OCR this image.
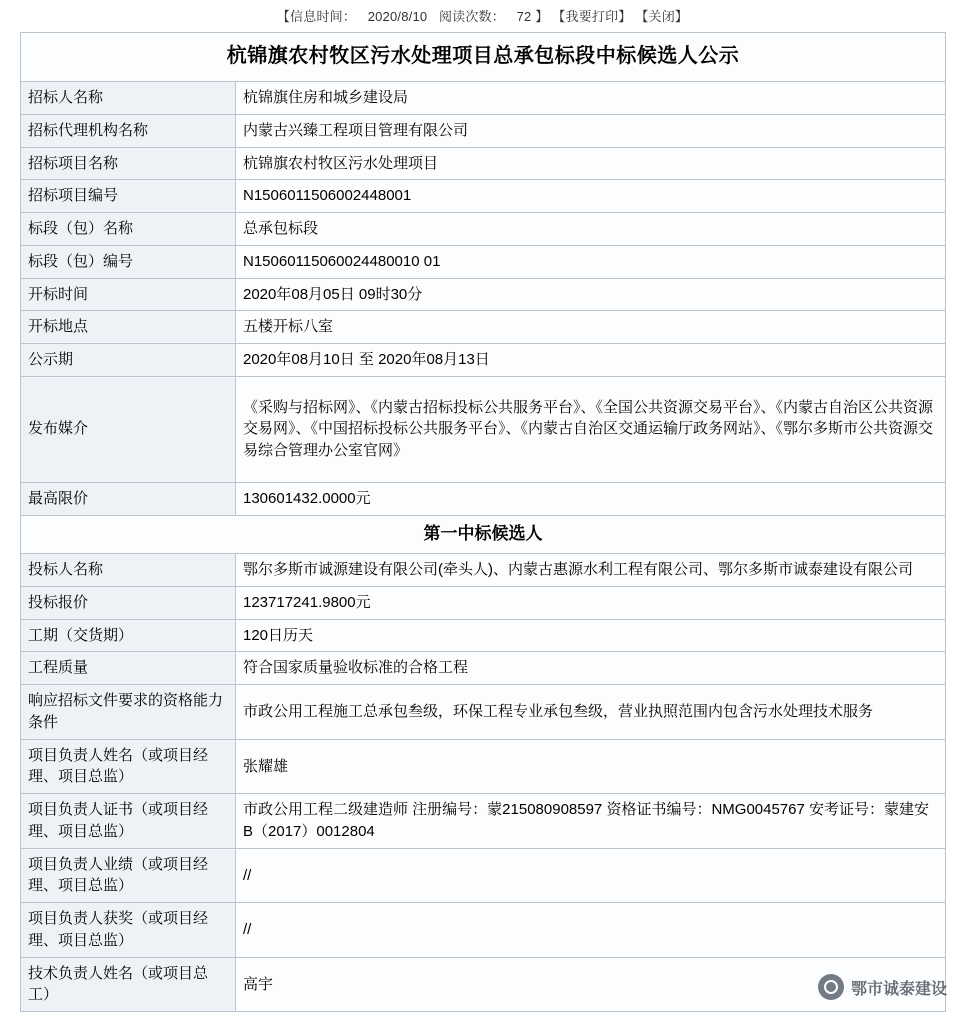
【信息时间： 2020/8/10 阅读次数： 72 】 【我要打印】 【关闭】
杭锦旗农村牧区污水处理项目总承包标段中标候选人公示	
招标人名称	杭锦旗住房和城乡建设局
招标代理机构名称	内蒙古兴臻工程项目管理有限公司
招标项目名称	杭锦旗农村牧区污水处理项目
招标项目编号	N1506011506002448001
标段（包）名称	总承包标段
标段（包）编号	N15060115060024480010 01
开标时间	2020年08月05日 09时30分
开标地点	五楼开标八室
公示期	2020年08月10日 至 2020年08月13日
发布媒介	《采购与招标网》、《内蒙古招标投标公共服务平台》、《全国公共资源交易平台》、《内蒙古自治区公共资源交易网》、《中国招标投标公共服务平台》、《内蒙古自治区交通运输厅政务网站》、《鄂尔多斯市公共资源交易综合管理办公室官网》
最高限价	130601432.0000元
第一中标候选人	
投标人名称	鄂尔多斯市诚源建设有限公司(牵头人)、内蒙古惠源水利工程有限公司、鄂尔多斯市诚泰建设有限公司
投标报价	123717241.9800元
工期（交货期）	120日历天
工程质量	符合国家质量验收标准的合格工程
响应招标文件要求的资格能力条件	市政公用工程施工总承包叁级，环保工程专业承包叁级，营业执照范围内包含污水处理技术服务
项目负责人姓名（或项目经理、项目总监）	张耀雄
项目负责人证书（或项目经理、项目总监）	市政公用工程二级建造师 注册编号：蒙215080908597 资格证书编号：NMG0045767 安考证号：蒙建安B（2017）0012804
项目负责人业绩（或项目经理、项目总监）	//
项目负责人获奖（或项目经理、项目总监）	//
技术负责人姓名（或项目总工）	高宇	鄂市诚泰建设
